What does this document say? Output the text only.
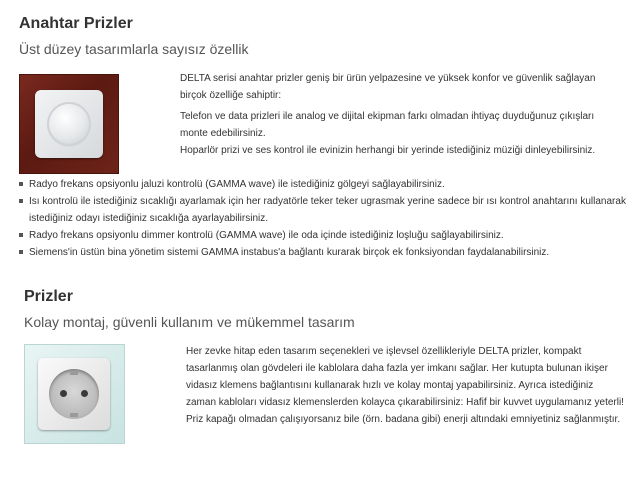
Anahtar Prizler
Üst düzey tasarımlarla sayısız özellik

DELTA serisi anahtar prizler geniş bir ürün yelpazesine ve yüksek konfor ve güvenlik sağlayan birçok özelliğe sahiptir:

Telefon ve data prizleri ile analog ve dijital ekipman farkı olmadan ihtiyaç duyduğunuz çıkışları monte edebilirsiniz.

Hoparlör prizi ve ses kontrol ile evinizin herhangi bir yerinde istediğiniz müziği dinleyebilirsiniz.

Radyo frekans opsiyonlu jaluzi kontrolü (GAMMA wave) ile istediğiniz gölgeyi sağlayabilirsiniz.
Isı kontrolü ile istediğiniz sıcaklığı ayarlamak için her radyatörle teker teker ugrasmak yerine sadece bir ısı kontrol anahtarını kullanarak istediğiniz odayı istediğiniz sıcaklığa ayarlayabilirsiniz.
Radyo frekans opsiyonlu dimmer kontrolü (GAMMA wave) ile oda içinde istediğiniz loşluğu sağlayabilirsiniz.
Siemens'in üstün bina yönetim sistemi GAMMA instabus'a bağlantı kurarak birçok ek fonksiyondan faydalanabilirsiniz.
Prizler
Kolay montaj, güvenli kullanım ve mükemmel tasarım

Her zevke hitap eden tasarım seçenekleri ve işlevsel özellikleriyle DELTA prizler, kompakt tasarlanmış olan gövdeleri ile kablolara daha fazla yer imkanı sağlar. Her kutupta bulunan ikişer vidasız klemens bağlantısını kullanarak hızlı ve kolay montaj yapabilirsiniz. Ayrıca istediğiniz zaman kabloları vidasız klemenslerden kolayca çıkarabilirsiniz: Hafif bir kuvvet uygulamanız yeterli! Priz kapağı olmadan çalışıyorsanız bile (örn. badana gibi) enerji altındaki emniyetiniz sağlanmıştır.
